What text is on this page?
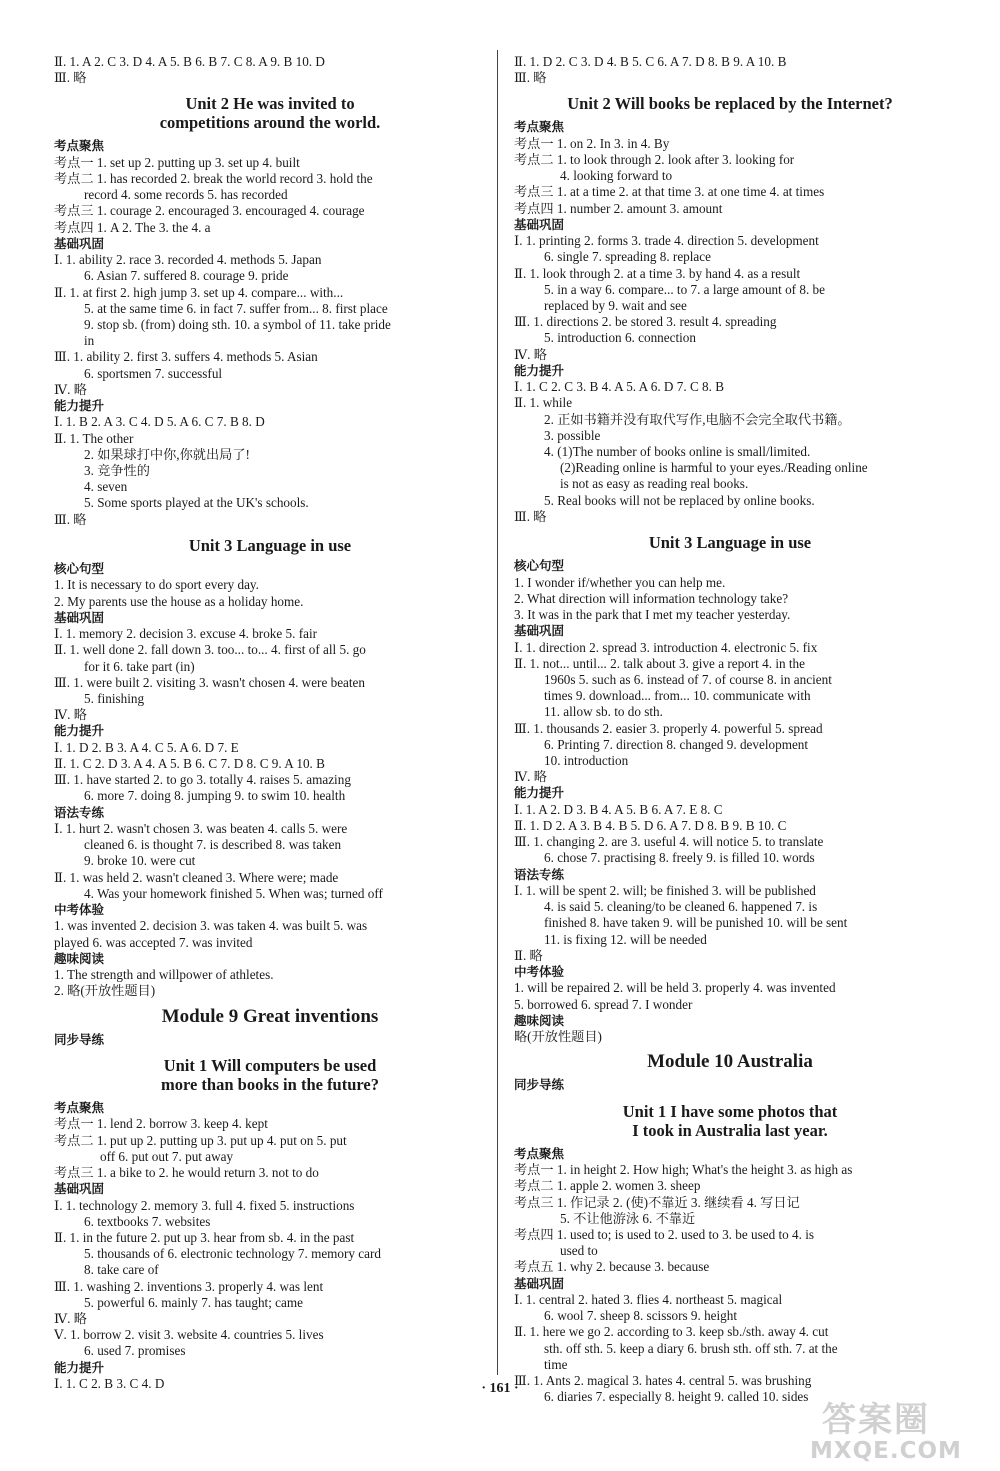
Ⅱ. 1. A 2. C 3. D 4. A 5. B 6. B 7. C 8. A 9. B 10. D
Ⅲ. 略
Unit 2 He was invited to
competitions around the world.
考点聚焦
考点一 1. set up 2. putting up 3. set up 4. built
考点二 1. has recorded 2. break the world record 3. hold the
record 4. some records 5. has recorded
考点三 1. courage 2. encouraged 3. encouraged 4. courage
考点四 1. A 2. The 3. the 4. a
基础巩固
Ⅰ. 1. ability 2. race 3. recorded 4. methods 5. Japan
6. Asian 7. suffered 8. courage 9. pride
Ⅱ. 1. at first 2. high jump 3. set up 4. compare... with...
5. at the same time 6. in fact 7. suffer from... 8. first place
9. stop sb. (from) doing sth. 10. a symbol of 11. take pride
in
Ⅲ. 1. ability 2. first 3. suffers 4. methods 5. Asian
6. sportsmen 7. successful
Ⅳ. 略
能力提升
Ⅰ. 1. B 2. A 3. C 4. D 5. A 6. C 7. B 8. D
Ⅱ. 1. The other
2. 如果球打中你,你就出局了!
3. 竞争性的
4. seven
5. Some sports played at the UK's schools.
Ⅲ. 略
Unit 3 Language in use
核心句型
1. It is necessary to do sport every day.
2. My parents use the house as a holiday home.
基础巩固
Ⅰ. 1. memory 2. decision 3. excuse 4. broke 5. fair
Ⅱ. 1. well done 2. fall down 3. too... to... 4. first of all 5. go
for it 6. take part (in)
Ⅲ. 1. were built 2. visiting 3. wasn't chosen 4. were beaten
5. finishing
Ⅳ. 略
能力提升
Ⅰ. 1. D 2. B 3. A 4. C 5. A 6. D 7. E
Ⅱ. 1. C 2. D 3. A 4. A 5. B 6. C 7. D 8. C 9. A 10. B
Ⅲ. 1. have started 2. to go 3. totally 4. raises 5. amazing
6. more 7. doing 8. jumping 9. to swim 10. health
语法专练
Ⅰ. 1. hurt 2. wasn't chosen 3. was beaten 4. calls 5. were
cleaned 6. is thought 7. is described 8. was taken
9. broke 10. were cut
Ⅱ. 1. was held 2. wasn't cleaned 3. Where were; made
4. Was your homework finished 5. When was; turned off
中考体验
1. was invented 2. decision 3. was taken 4. was built 5. was
played 6. was accepted 7. was invited
趣味阅读
1. The strength and willpower of athletes.
2. 略(开放性题目)
Module 9 Great inventions
同步导练
Unit 1 Will computers be used
more than books in the future?
考点聚焦
考点一 1. lend 2. borrow 3. keep 4. kept
考点二 1. put up 2. putting up 3. put up 4. put on 5. put
off 6. put out 7. put away
考点三 1. a bike to 2. he would return 3. not to do
基础巩固
Ⅰ. 1. technology 2. memory 3. full 4. fixed 5. instructions
6. textbooks 7. websites
Ⅱ. 1. in the future 2. put up 3. hear from sb. 4. in the past
5. thousands of 6. electronic technology 7. memory card
8. take care of
Ⅲ. 1. washing 2. inventions 3. properly 4. was lent
5. powerful 6. mainly 7. has taught; came
Ⅳ. 略
Ⅴ. 1. borrow 2. visit 3. website 4. countries 5. lives
6. used 7. promises
能力提升
Ⅰ. 1. C 2. B 3. C 4. D
Ⅱ. 1. D 2. C 3. D 4. B 5. C 6. A 7. D 8. B 9. A 10. B
Ⅲ. 略
Unit 2 Will books be replaced by the Internet?
考点聚焦
考点一 1. on 2. In 3. in 4. By
考点二 1. to look through 2. look after 3. looking for
4. looking forward to
考点三 1. at a time 2. at that time 3. at one time 4. at times
考点四 1. number 2. amount 3. amount
基础巩固
Ⅰ. 1. printing 2. forms 3. trade 4. direction 5. development
6. single 7. spreading 8. replace
Ⅱ. 1. look through 2. at a time 3. by hand 4. as a result
5. in a way 6. compare... to 7. a large amount of 8. be
replaced by 9. wait and see
Ⅲ. 1. directions 2. be stored 3. result 4. spreading
5. introduction 6. connection
Ⅳ. 略
能力提升
Ⅰ. 1. C 2. C 3. B 4. A 5. A 6. D 7. C 8. B
Ⅱ. 1. while
2. 正如书籍并没有取代写作,电脑不会完全取代书籍。
3. possible
4. (1)The number of books online is small/limited.
(2)Reading online is harmful to your eyes./Reading online
is not as easy as reading real books.
5. Real books will not be replaced by online books.
Ⅲ. 略
Unit 3 Language in use
核心句型
1. I wonder if/whether you can help me.
2. What direction will information technology take?
3. It was in the park that I met my teacher yesterday.
基础巩固
Ⅰ. 1. direction 2. spread 3. introduction 4. electronic 5. fix
Ⅱ. 1. not... until... 2. talk about 3. give a report 4. in the
1960s 5. such as 6. instead of 7. of course 8. in ancient
times 9. download... from... 10. communicate with
11. allow sb. to do sth.
Ⅲ. 1. thousands 2. easier 3. properly 4. powerful 5. spread
6. Printing 7. direction 8. changed 9. development
10. introduction
Ⅳ. 略
能力提升
Ⅰ. 1. A 2. D 3. B 4. A 5. B 6. A 7. E 8. C
Ⅱ. 1. D 2. A 3. B 4. B 5. D 6. A 7. D 8. B 9. B 10. C
Ⅲ. 1. changing 2. are 3. useful 4. will notice 5. to translate
6. chose 7. practising 8. freely 9. is filled 10. words
语法专练
Ⅰ. 1. will be spent 2. will; be finished 3. will be published
4. is said 5. cleaning/to be cleaned 6. happened 7. is
finished 8. have taken 9. will be punished 10. will be sent
11. is fixing 12. will be needed
Ⅱ. 略
中考体验
1. will be repaired 2. will be held 3. properly 4. was invented
5. borrowed 6. spread 7. I wonder
趣味阅读
略(开放性题目)
Module 10 Australia
同步导练
Unit 1 I have some photos that
I took in Australia last year.
考点聚焦
考点一 1. in height 2. How high; What's the height 3. as high as
考点二 1. apple 2. women 3. sheep
考点三 1. 作记录 2. (使)不靠近 3. 继续看 4. 写日记
5. 不让他游泳 6. 不靠近
考点四 1. used to; is used to 2. used to 3. be used to 4. is
used to
考点五 1. why 2. because 3. because
基础巩固
Ⅰ. 1. central 2. hated 3. flies 4. northeast 5. magical
6. wool 7. sheep 8. scissors 9. height
Ⅱ. 1. here we go 2. according to 3. keep sb./sth. away 4. cut
sth. off sth. 5. keep a diary 6. brush sth. off sth. 7. at the
time
Ⅲ. 1. Ants 2. magical 3. hates 4. central 5. was brushing
6. diaries 7. especially 8. height 9. called 10. sides
· 161 ·
答案圈
MXQE.COM
